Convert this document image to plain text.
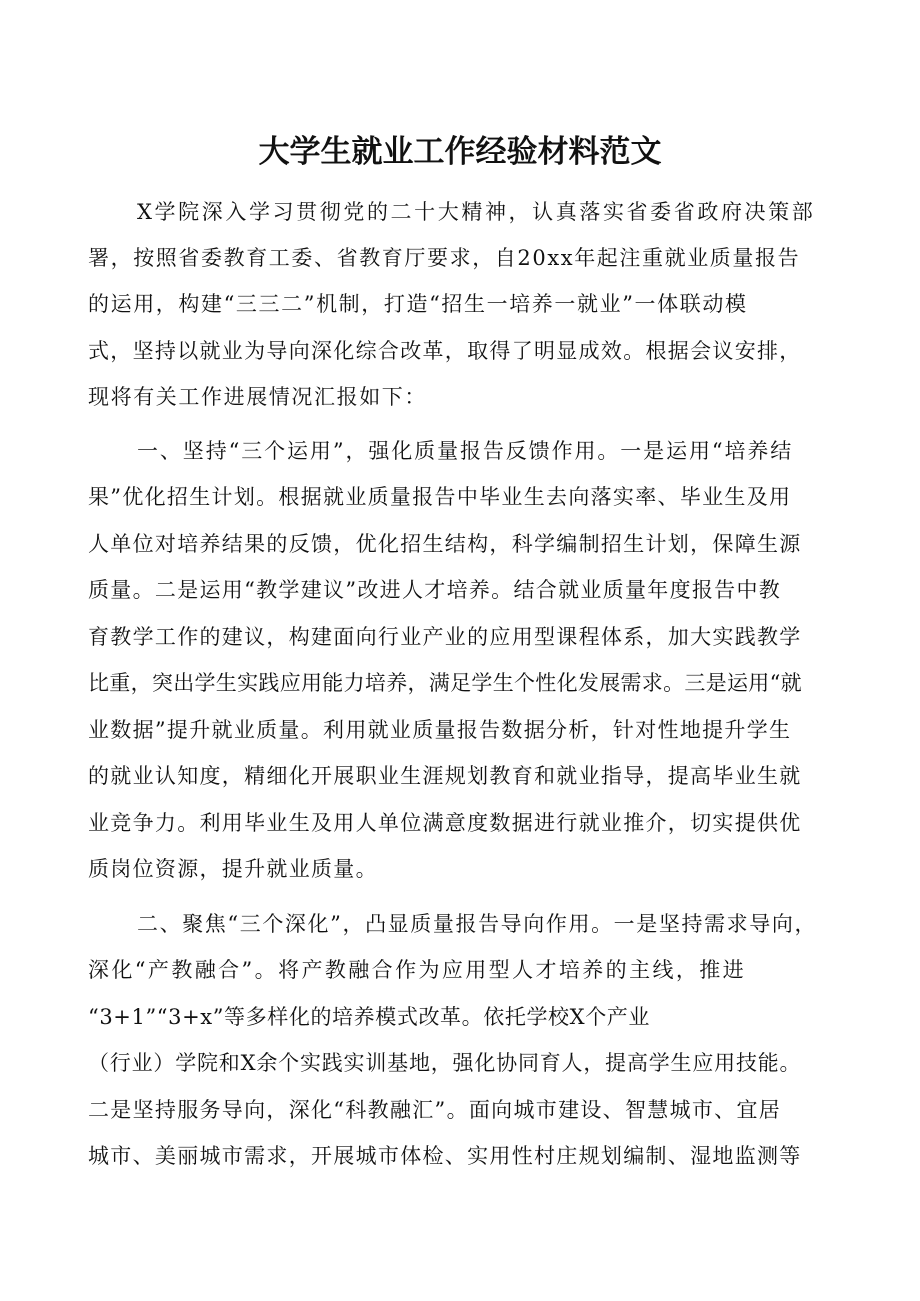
大学生就业工作经验材料范文
X学院深入学习贯彻党的二十大精神，认真落实省委省政府决策部
署，按照省委教育工委、省教育厅要求，自20xx年起注重就业质量报告
的运用，构建“三三二”机制，打造“招生一培养一就业”一体联动模
式，坚持以就业为导向深化综合改革，取得了明显成效。根据会议安排，
现将有关工作进展情况汇报如下：
一、坚持“三个运用”，强化质量报告反馈作用。一是运用“培养结
果”优化招生计划。根据就业质量报告中毕业生去向落实率、毕业生及用
人单位对培养结果的反馈，优化招生结构，科学编制招生计划，保障生源
质量。二是运用“教学建议”改进人才培养。结合就业质量年度报告中教
育教学工作的建议，构建面向行业产业的应用型课程体系，加大实践教学
比重，突出学生实践应用能力培养，满足学生个性化发展需求。三是运用“就
业数据”提升就业质量。利用就业质量报告数据分析，针对性地提升学生
的就业认知度，精细化开展职业生涯规划教育和就业指导，提高毕业生就
业竞争力。利用毕业生及用人单位满意度数据进行就业推介，切实提供优
质岗位资源，提升就业质量。
二、聚焦“三个深化”，凸显质量报告导向作用。一是坚持需求导向，
深化“产教融合”。将产教融合作为应用型人才培养的主线，推进
“3+1”“3+x”等多样化的培养模式改革。依托学校X个产业
（行业）学院和X余个实践实训基地，强化协同育人，提高学生应用技能。
二是坚持服务导向，深化“科教融汇”。面向城市建设、智慧城市、宜居
城市、美丽城市需求，开展城市体检、实用性村庄规划编制、湿地监测等
